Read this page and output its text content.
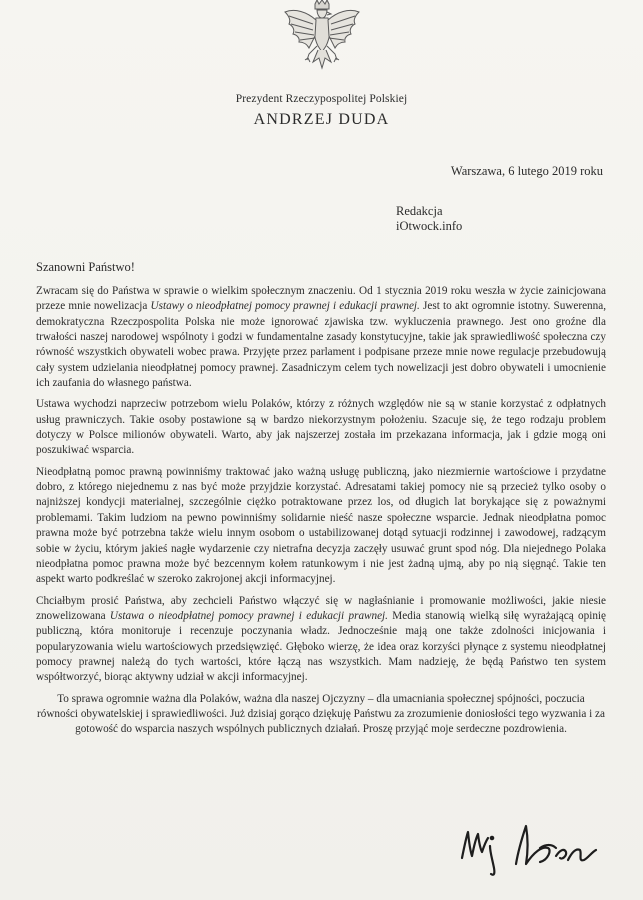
Prezydent Rzeczypospolitej Polskiej
ANDRZEJ DUDA
Warszawa, 6 lutego 2019 roku
Redakcja
iOtwock.info
Szanowni Państwo!

Zwracam się do Państwa w sprawie o wielkim społecznym znaczeniu. Od 1 stycznia 2019 roku weszła w życie zainicjowana przeze mnie nowelizacja Ustawy o nieodpłatnej pomocy prawnej i edukacji prawnej. Jest to akt ogromnie istotny. Suwerenna, demokratyczna Rzeczpospolita Polska nie może ignorować zjawiska tzw. wykluczenia prawnego. Jest ono groźne dla trwałości naszej narodowej wspólnoty i godzi w fundamentalne zasady konstytucyjne, takie jak sprawiedliwość społeczna czy równość wszystkich obywateli wobec prawa. Przyjęte przez parlament i podpisane przeze mnie nowe regulacje przebudowują cały system udzielania nieodpłatnej pomocy prawnej. Zasadniczym celem tych nowelizacji jest dobro obywateli i umocnienie ich zaufania do własnego państwa.

Ustawa wychodzi naprzeciw potrzebom wielu Polaków, którzy z różnych względów nie są w stanie korzystać z odpłatnych usług prawniczych. Takie osoby postawione są w bardzo niekorzystnym położeniu. Szacuje się, że tego rodzaju problem dotyczy w Polsce milionów obywateli. Warto, aby jak najszerzej została im przekazana informacja, jak i gdzie mogą oni poszukiwać wsparcia.

Nieodpłatną pomoc prawną powinniśmy traktować jako ważną usługę publiczną, jako niezmiernie wartościowe i przydatne dobro, z którego niejednemu z nas być może przyjdzie korzystać. Adresatami takiej pomocy nie są przecież tylko osoby o najniższej kondycji materialnej, szczególnie ciężko potraktowane przez los, od długich lat borykające się z poważnymi problemami. Takim ludziom na pewno powinniśmy solidarnie nieść nasze społeczne wsparcie. Jednak nieodpłatna pomoc prawna może być potrzebna także wielu innym osobom o ustabilizowanej dotąd sytuacji rodzinnej i zawodowej, radzącym sobie w życiu, którym jakieś nagłe wydarzenie czy nietrafna decyzja zaczęły usuwać grunt spod nóg. Dla niejednego Polaka nieodpłatna pomoc prawna może być bezcennym kołem ratunkowym i nie jest żadną ujmą, aby po nią sięgnąć. Takie ten aspekt warto podkreślać w szeroko zakrojonej akcji informacyjnej.

Chciałbym prosić Państwa, aby zechcieli Państwo włączyć się w nagłaśnianie i promowanie możliwości, jakie niesie znowelizowana Ustawa o nieodpłatnej pomocy prawnej i edukacji prawnej. Media stanowią wielką siłę wyrażającą opinię publiczną, która monitoruje i recenzuje poczynania władz. Jednocześnie mają one także zdolności inicjowania i popularyzowania wielu wartościowych przedsięwzięć. Głęboko wierzę, że idea oraz korzyści płynące z systemu nieodpłatnej pomocy prawnej należą do tych wartości, które łączą nas wszystkich. Mam nadzieję, że będą Państwo ten system współtworzyć, biorąc aktywny udział w akcji informacyjnej.

To sprawa ogromnie ważna dla Polaków, ważna dla naszej Ojczyzny – dla umacniania społecznej spójności, poczucia równości obywatelskiej i sprawiedliwości. Już dzisiaj gorąco dziękuję Państwu za zrozumienie doniosłości tego wyzwania i za gotowość do wsparcia naszych wspólnych publicznych działań. Proszę przyjąć moje serdeczne pozdrowienia.
